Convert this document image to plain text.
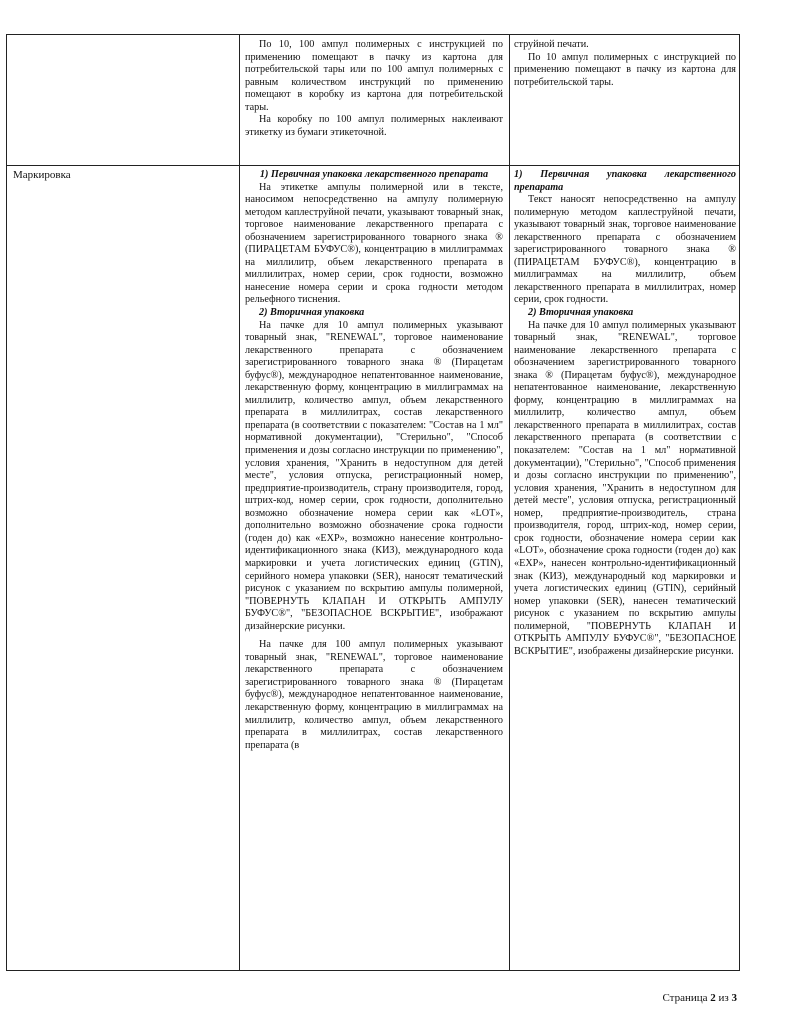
По 10, 100 ампул полимерных с инструкцией по применению помещают в пачку из картона для потребительской тары или по 100 ампул полимерных с равным количеством инструкций по применению помещают в коробку из картона для потребительской тары.

На коробку по 100 ампул полимерных наклеивают этикетку из бумаги этикеточной.

струйной печати.

По 10 ампул полимерных с инструкцией по применению помещают в пачку из картона для потребительской тары.

Маркировка	1) Первичная упаковка лекарственного препарата

На этикетке ампулы полимерной или в тексте, наносимом непосредственно на ампулу полимерную методом каплеструйной печати, указывают товарный знак, торговое наименование лекарственного препарата с обозначением зарегистрированного товарного знака ® (ПИРАЦЕТАМ БУФУС®), концентрацию в миллиграммах на миллилитр, объем лекарственного препарата в миллилитрах, номер серии, срок годности, возможно нанесение номера серии и срока годности методом рельефного тиснения.

2) Вторичная упаковка

На пачке для 10 ампул полимерных указывают товарный знак, "RENEWAL", торговое наименование лекарственного препарата с обозначением зарегистрированного товарного знака ® (Пирацетам буфус®), международное непатентованное наименование, лекарственную форму, концентрацию в миллиграммах на миллилитр, количество ампул, объем лекарственного препарата в миллилитрах, состав лекарственного препарата (в соответствии с показателем: "Состав на 1 мл" нормативной документации), "Стерильно", "Способ применения и дозы согласно инструкции по применению", условия хранения, "Хранить в недоступном для детей месте", условия отпуска, регистрационный номер, предприятие-производитель, страну производителя, город, штрих-код, номер серии, срок годности, дополнительно возможно обозначение номера серии как «LOT», дополнительно возможно обозначение срока годности (годен до) как «EXP», возможно нанесение контрольно-идентификационного знака (КИЗ), международного кода маркировки и учета логистических единиц (GTIN), серийного номера упаковки (SER), наносят тематический рисунок с указанием по вскрытию ампулы полимерной, "ПОВЕРНУТЬ КЛАПАН И ОТКРЫТЬ АМПУЛУ БУФУС®", "БЕЗОПАСНОЕ ВСКРЫТИЕ", изображают дизайнерские рисунки.

На пачке для 100 ампул полимерных указывают товарный знак, "RENEWAL", торговое наименование лекарственного препарата с обозначением зарегистрированного товарного знака ® (Пирацетам буфус®), международное непатентованное наименование, лекарственную форму, концентрацию в миллиграммах на миллилитр, количество ампул, объем лекарственного препарата в миллилитрах, состав лекарственного препарата (в

1) Первичная упаковка лекарственного препарата

Текст наносят непосредственно на ампулу полимерную методом каплеструйной печати, указывают товарный знак, торговое наименование лекарственного препарата с обозначением зарегистрированного товарного знака ® (ПИРАЦЕТАМ БУФУС®), концентрацию в миллиграммах на миллилитр, объем лекарственного препарата в миллилитрах, номер серии, срок годности.

2) Вторичная упаковка

На пачке для 10 ампул полимерных указывают товарный знак, "RENEWAL", торговое наименование лекарственного препарата с обозначением зарегистрированного товарного знака ® (Пирацетам буфус®), международное непатентованное наименование, лекарственную форму, концентрацию в миллиграммах на миллилитр, количество ампул, объем лекарственного препарата в миллилитрах, состав лекарственного препарата (в соответствии с показателем: "Состав на 1 мл" нормативной документации), "Стерильно", "Способ применения и дозы согласно инструкции по применению", условия хранения, "Хранить в недоступном для детей месте", условия отпуска, регистрационный номер, предприятие-производитель, страна производителя, город, штрих-код, номер серии, срок годности, обозначение номера серии как «LOT», обозначение срока годности (годен до) как «EXP», нанесен контрольно-идентификационный знак (КИЗ), международный код маркировки и учета логистических единиц (GTIN), серийный номер упаковки (SER), нанесен тематический рисунок с указанием по вскрытию ампулы полимерной, "ПОВЕРНУТЬ КЛАПАН И ОТКРЫТЬ АМПУЛУ БУФУС®", "БЕЗОПАСНОЕ ВСКРЫТИЕ", изображены дизайнерские рисунки.

Страница 2 из 3
